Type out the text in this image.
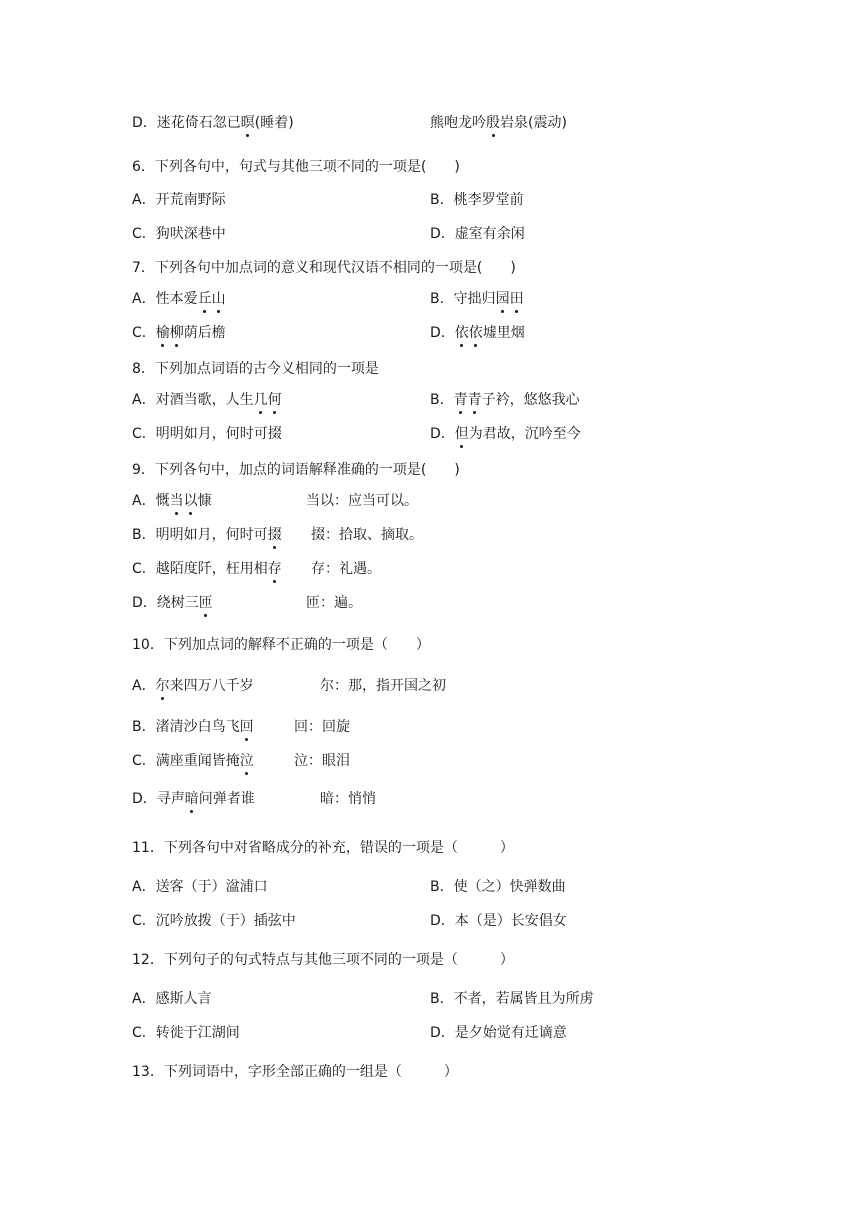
D．迷花倚石忽已暝(睡着)	熊咆龙吟殷岩泉(震动)
6．下列各句中，句式与其他三项不同的一项是(　　)
A．开荒南野际	B．桃李罗堂前
C．狗吠深巷中	D．虚室有余闲
7．下列各句中加点词的意义和现代汉语不相同的一项是(　　)
A．性本爱丘山	B．守拙归园田
C．榆柳荫后檐	D．依依墟里烟
8．下列加点词语的古今义相同的一项是
A．对酒当歌，人生几何	B．青青子衿，悠悠我心
C．明明如月，何时可掇	D．但为君故，沉吟至今
9．下列各句中，加点的词语解释准确的一项是(　　)
A．慨当以慷	当以：应当可以。
B．明明如月，何时可掇 掇：拾取、摘取。
C．越陌度阡，枉用相存 存：礼遇。
D．绕树三匝	匝：遍。
10．下列加点词的解释不正确的一项是（　　）
A．尔来四万八千岁	尔：那，指开国之初
B．渚清沙白鸟飞回	回：回旋
C．满座重闻皆掩泣	泣：眼泪
D．寻声暗问弹者谁	暗：悄悄
11．下列各句中对省略成分的补充，错误的一项是（　　　）
A．送客（于）湓浦口	B．使（之）快弹数曲
C．沉吟放拨（于）插弦中	D．本（是）长安倡女
12．下列句子的句式特点与其他三项不同的一项是（　　　）
A．感斯人言	B．不者，若属皆且为所虏
C．转徙于江湖间	D．是夕始觉有迁谪意
13．下列词语中，字形全部正确的一组是（　　　）
